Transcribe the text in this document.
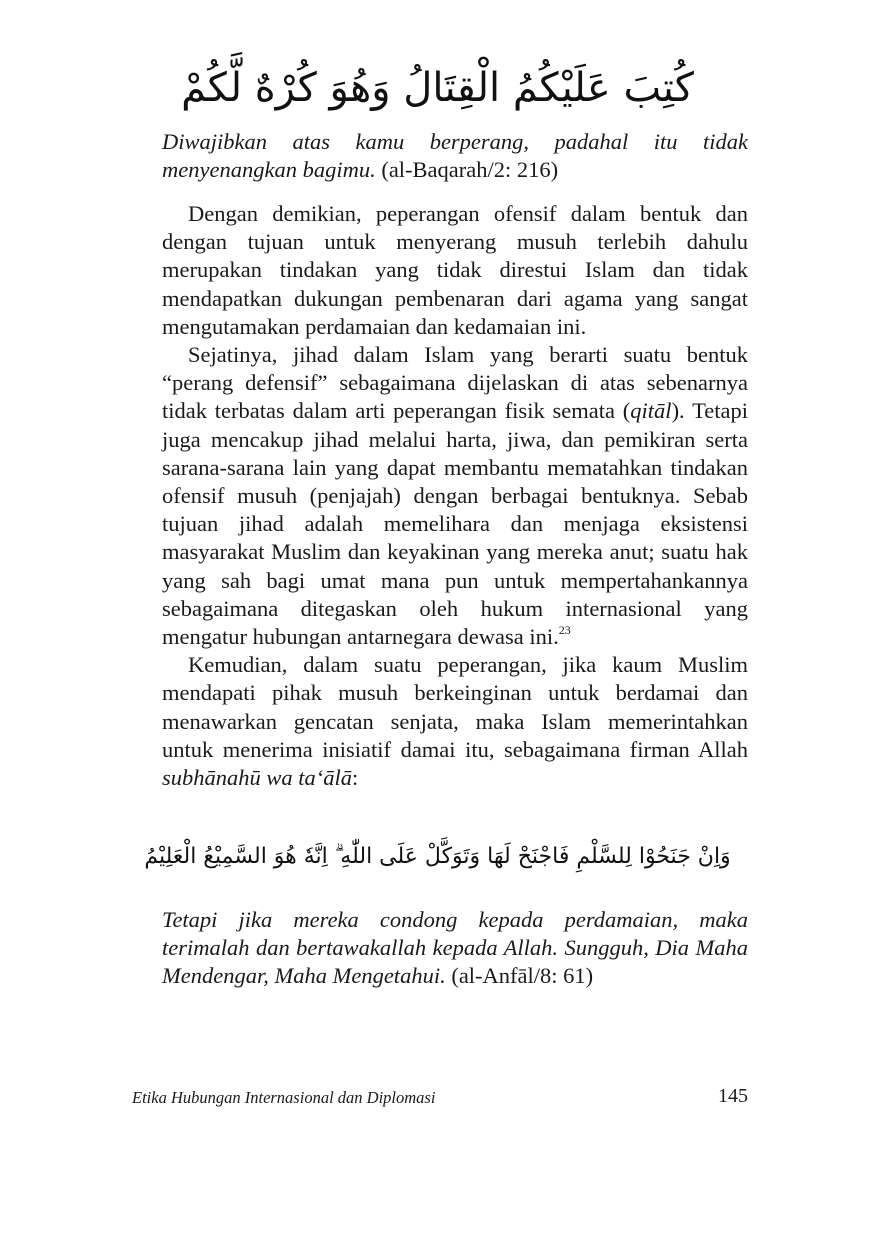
كُتِبَ عَلَيْكُمُ الْقِتَالُ وَهُوَ كُرْهٌ لَّكُمْ
Diwajibkan atas kamu berperang, padahal itu tidak menyenangkan bagimu. (al-Baqarah/2: 216)

Dengan demikian, peperangan ofensif dalam bentuk dan dengan tujuan untuk menyerang musuh terlebih dahulu merupakan tindakan yang tidak direstui Islam dan tidak mendapatkan dukungan pembenaran dari agama yang sangat mengutamakan perdamaian dan kedamaian ini.

Sejatinya, jihad dalam Islam yang berarti suatu bentuk “perang defensif” sebagaimana dijelaskan di atas sebenarnya tidak terbatas dalam arti peperangan fisik semata (qitāl). Tetapi juga mencakup jihad melalui harta, jiwa, dan pemikiran serta sarana-sarana lain yang dapat membantu mematahkan tindakan ofensif musuh (penjajah) dengan berbagai bentuknya. Sebab tujuan jihad adalah memelihara dan menjaga eksistensi masyarakat Muslim dan keyakinan yang mereka anut; suatu hak yang sah bagi umat mana pun untuk mempertahankannya sebagaimana ditegaskan oleh hukum internasional yang mengatur hubungan antarnegara dewasa ini.$^{23}$

Kemudian, dalam suatu peperangan, jika kaum Muslim mendapati pihak musuh berkeinginan untuk berdamai dan menawarkan gencatan senjata, maka Islam memerintahkan untuk menerima inisiatif damai itu, sebagaimana firman Allah subhānahū wa ta‘ālā:

وَاِنْ جَنَحُوْا لِلسَّلْمِ فَاجْنَحْ لَهَا وَتَوَكَّلْ عَلَى اللّٰهِ ۗ اِنَّهٗ هُوَ السَّمِيْعُ الْعَلِيْمُ
Tetapi jika mereka condong kepada perdamaian, maka terimalah dan bertawakallah kepada Allah. Sungguh, Dia Maha Mendengar, Maha Mengetahui. (al-Anfāl/8: 61)
Etika Hubungan Internasional dan Diplomasi	145
